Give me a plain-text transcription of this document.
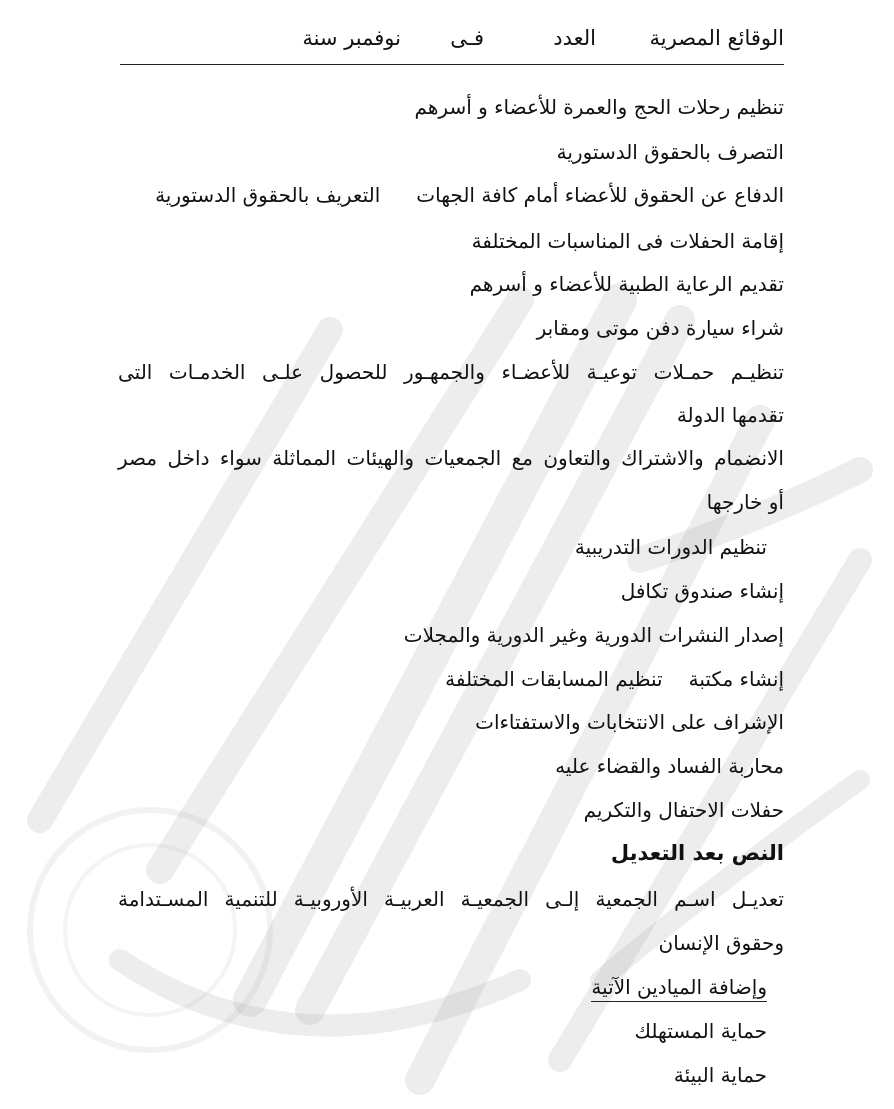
الوقائع المصرية
العدد
فـى
نوفمبر سنة
تنظيم رحلات الحج والعمرة للأعضاء و أسرهم
التصرف بالحقوق الدستورية
الدفاع عن الحقوق للأعضاء أمام كافة الجهاتالتعريف بالحقوق الدستورية
إقامة الحفلات فى المناسبات المختلفة
تقديم الرعاية الطبية للأعضاء و أسرهم
شراء سيارة دفن موتى ومقابر
تنظيـم حمـلات توعيـة للأعضـاء والجمهـور للحصول علـى الخدمـات التى
تقدمها الدولة
الانضمام والاشتراك والتعاون مع الجمعيات والهيئات المماثلة سواء داخل مصر
أو خارجها
تنظيم الدورات التدريبية
إنشاء صندوق تكافل
إصدار النشرات الدورية وغير الدورية والمجلات
إنشاء مكتبةتنظيم المسابقات المختلفة
الإشراف على الانتخابات والاستفتاءات
محاربة الفساد والقضاء عليه
حفلات الاحتفال والتكريم
النص بعد التعديل
تعديـل اسـم الجمعية إلـى الجمعيـة العربيـة الأوروبيـة للتنمية المسـتدامة
وحقوق الإنسان
وإضافة الميادين الآتية
حماية المستهلك
حماية البيئة
